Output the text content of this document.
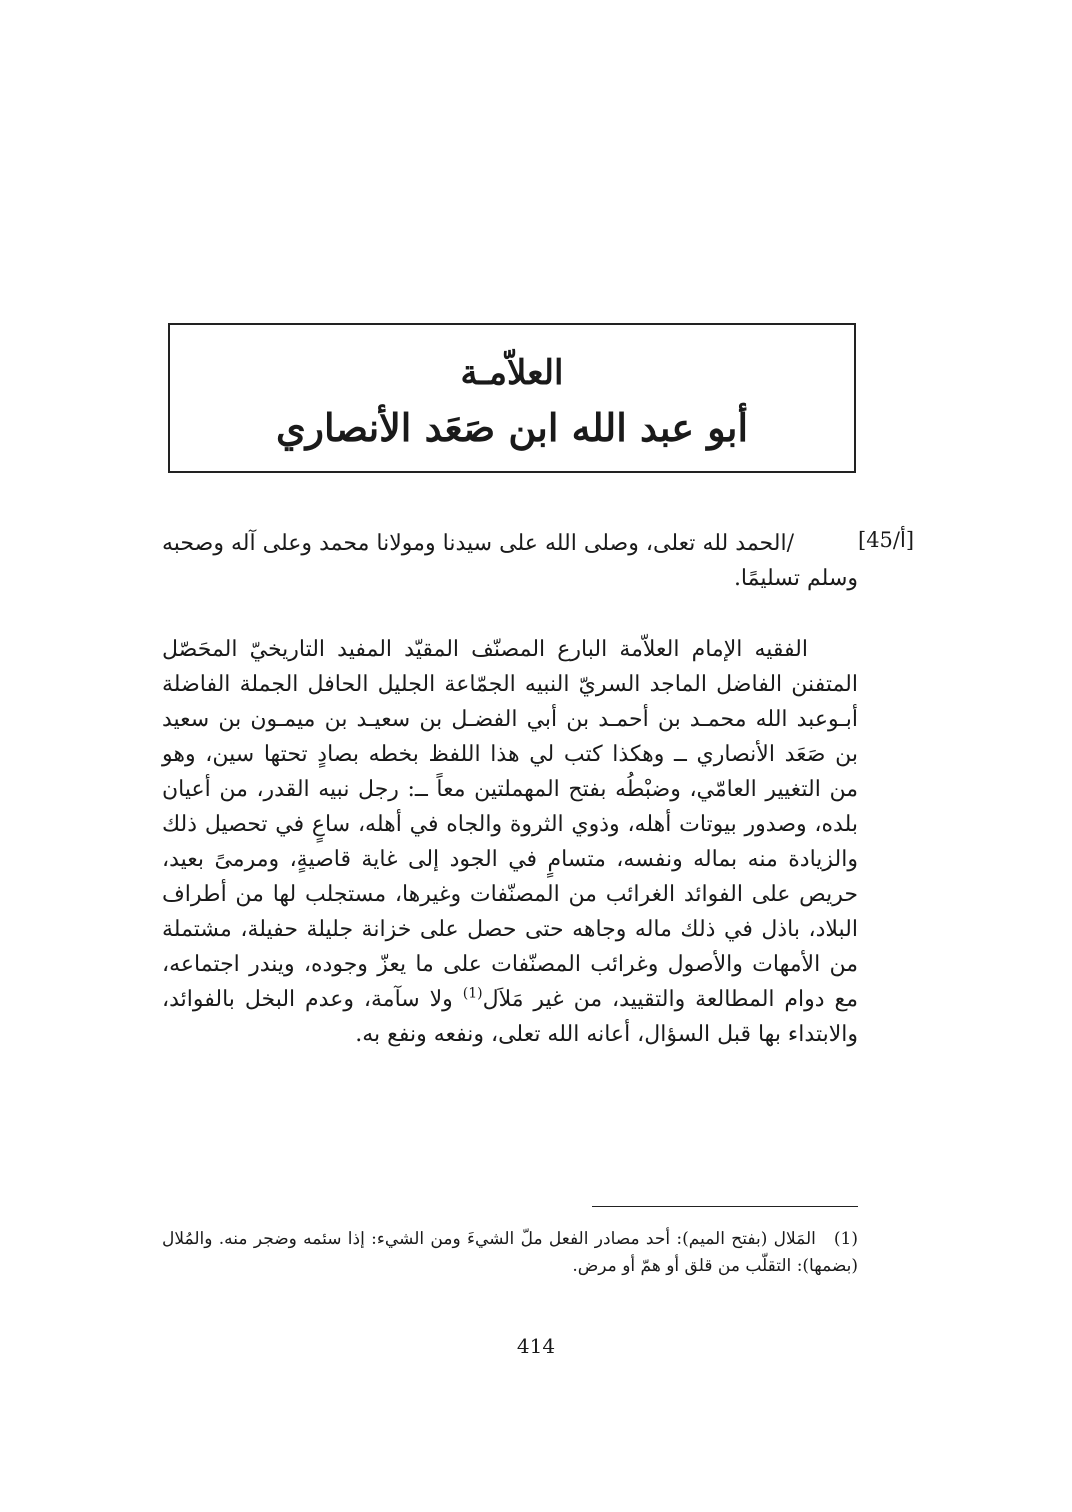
العلاّمـة
أبو عبد الله ابن صَعَد الأنصاري
[45/أ]

/الحمد لله تعلى، وصلى الله على سيدنا ومولانا محمد وعلى آله وصحبه وسلم تسليمًا.

الفقيه الإمام العلاّمة البارع المصنّف المقيّد المفيد التاريخيّ المحَصّل المتفنن الفاضل الماجد السريّ النبيه الجمّاعة الجليل الحافل الجملة الفاضلة أبـوعبد الله محمـد بن أحمـد بن أبي الفضـل بن سعيـد بن ميمـون بن سعيد بن صَعَد الأنصاري ــ وهكذا كتب لي هذا اللفظ بخطه بصادٍ تحتها سين، وهو من التغيير العامّي، وضبْطُه بفتح المهملتين معاً ــ: رجل نبيه القدر، من أعيان بلده، وصدور بيوتات أهله، وذوي الثروة والجاه في أهله، ساعٍ في تحصيل ذلك والزيادة منه بماله ونفسه، متسامٍ في الجود إلى غاية قاصيةٍ، ومرمىً بعيد، حريص على الفوائد الغرائب من المصنّفات وغيرها، مستجلب لها من أطراف البلاد، باذل في ذلك ماله وجاهه حتى حصل على خزانة جليلة حفيلة، مشتملة من الأمهات والأصول وغرائب المصنّفات على ما يعزّ وجوده، ويندر اجتماعه، مع دوام المطالعة والتقييد، من غير مَلاَل$^{(1)}$ ولا سآمة، وعدم البخل بالفوائد، والابتداء بها قبل السؤال، أعانه الله تعلى، ونفعه ونفع به.

(1)المَلال (بفتح الميم): أحد مصادر الفعل ملّ الشيءَ ومن الشيء: إذا سئمه وضجر منه. والمُلال (بضمها): التقلّب من قلق أو همّ أو مرض.

414
